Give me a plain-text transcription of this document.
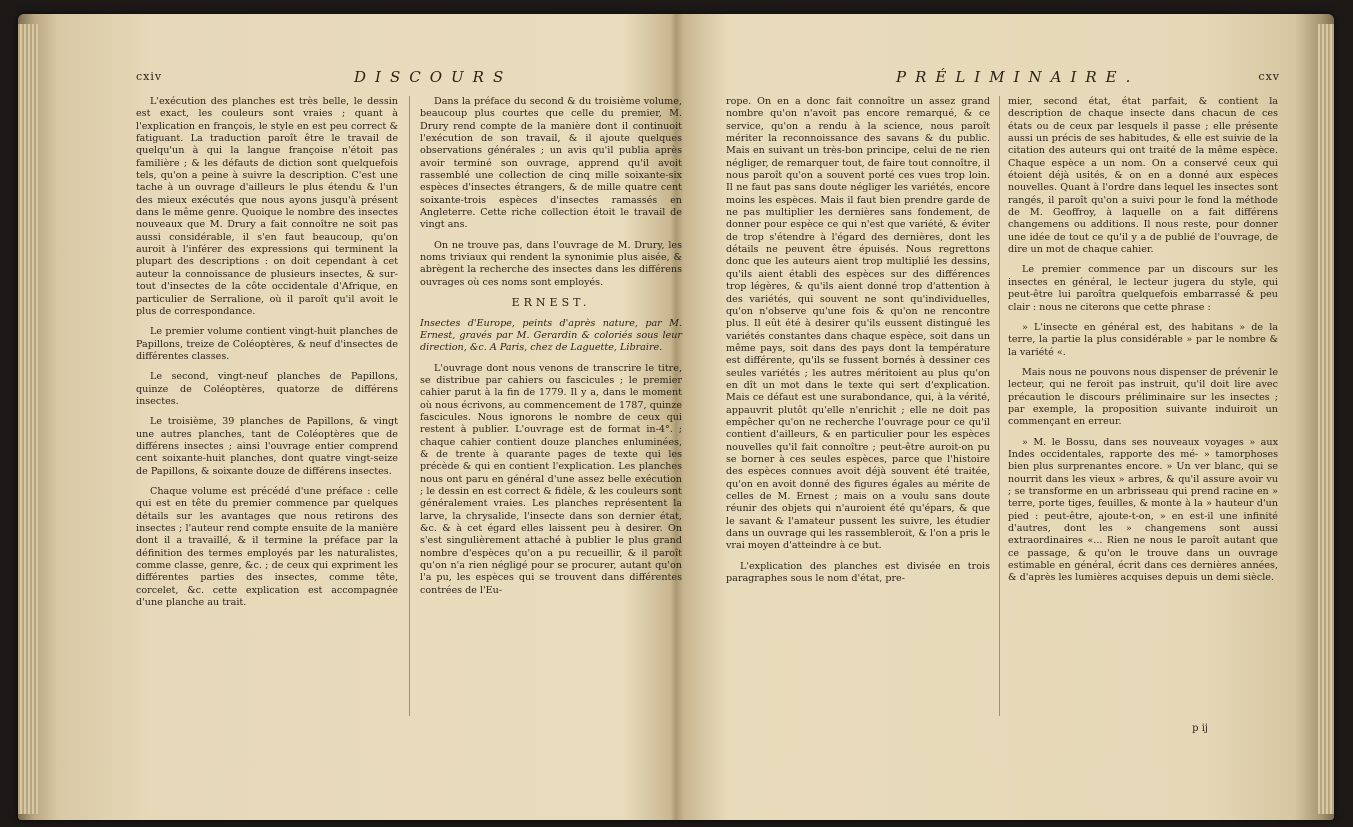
cxiv	DISCOURS

L'exécution des planches est très belle, le dessin est exact, les couleurs sont vraies ; quant à l'explication en françois, le style en est peu correct & fatiguant. La traduction paroît être le travail de quelqu'un à qui la langue françoise n'étoit pas familière ; & les défauts de diction sont quelquefois tels, qu'on a peine à suivre la description. C'est une tache à un ouvrage d'ailleurs le plus étendu & l'un des mieux exécutés que nous ayons jusqu'à présent dans le même genre. Quoique le nombre des insectes nouveaux que M. Drury a fait connoître ne soit pas aussi considérable, il s'en faut beaucoup, qu'on auroit à l'inférer des expressions qui terminent la plupart des descriptions : on doit cependant à cet auteur la connoissance de plusieurs insectes, & sur-tout d'insectes de la côte occidentale d'Afrique, en particulier de Serralione, où il paroît qu'il avoit le plus de correspondance.

Le premier volume contient vingt-huit planches de Papillons, treize de Coléoptères, & neuf d'insectes de différentes classes.

Le second, vingt-neuf planches de Papillons, quinze de Coléoptères, quatorze de différens insectes.

Le troisième, 39 planches de Papillons, & vingt une autres planches, tant de Coléoptères que de différens insectes ; ainsi l'ouvrage entier comprend cent soixante-huit planches, dont quatre vingt-seize de Papillons, & soixante douze de différens insectes.

Chaque volume est précédé d'une préface : celle qui est en tête du premier commence par quelques détails sur les avantages que nous retirons des insectes ; l'auteur rend compte ensuite de la manière dont il a travaillé, & il termine la préface par la définition des termes employés par les naturalistes, comme classe, genre, &c. ; de ceux qui expriment les différentes parties des insectes, comme tête, corcelet, &c. cette explication est accompagnée d'une planche au trait.

Dans la préface du second & du troisième volume, beaucoup plus courtes que celle du premier, M. Drury rend compte de la manière dont il continuoit l'exécution de son travail, & il ajoute quelques observations générales ; un avis qu'il publia après avoir terminé son ouvrage, apprend qu'il avoit rassemblé une collection de cinq mille soixante-six espèces d'insectes étrangers, & de mille quatre cent soixante-trois espèces d'insectes ramassés en Angleterre. Cette riche collection étoit le travail de vingt ans.

On ne trouve pas, dans l'ouvrage de M. Drury, les noms triviaux qui rendent la synonimie plus aisée, & abrègent la recherche des insectes dans les différens ouvrages où ces noms sont employés.

ERNEST.

Insectes d'Europe, peints d'après nature, par M. Ernest, gravés par M. Gerardin & coloriés sous leur direction, &c. A Paris, chez de Laguette, Libraire.

L'ouvrage dont nous venons de transcrire le titre, se distribue par cahiers ou fascicules ; le premier cahier parut à la fin de 1779. Il y a, dans le moment où nous écrivons, au commencement de 1787, quinze fascicules. Nous ignorons le nombre de ceux qui restent à publier. L'ouvrage est de format in-4°. ; chaque cahier contient douze planches enluminées, & de trente à quarante pages de texte qui les précède & qui en contient l'explication. Les planches nous ont paru en général d'une assez belle exécution ; le dessin en est correct & fidèle, & les couleurs sont généralement vraies. Les planches représentent la larve, la chrysalide, l'insecte dans son dernier état, &c. & à cet égard elles laissent peu à desirer. On s'est singulièrement attaché à publier le plus grand nombre d'espèces qu'on a pu recueillir, & il paroît qu'on n'a rien négligé pour se procurer, autant qu'on l'a pu, les espèces qui se trouvent dans différentes contrées de l'Eu-

PRÉLIMINAIRE.	cxv

rope. On en a donc fait connoître un assez grand nombre qu'on n'avoit pas encore remarqué, & ce service, qu'on a rendu à la science, nous paroît mériter la reconnoissance des savans & du public. Mais en suivant un très-bon principe, celui de ne rien négliger, de remarquer tout, de faire tout connoître, il nous paroît qu'on a souvent porté ces vues trop loin. Il ne faut pas sans doute négliger les variétés, encore moins les espèces. Mais il faut bien prendre garde de ne pas multiplier les dernières sans fondement, de donner pour espèce ce qui n'est que variété, & éviter de trop s'étendre à l'égard des dernières, dont les détails ne peuvent être épuisés. Nous regrettons donc que les auteurs aient trop multiplié les dessins, qu'ils aient établi des espèces sur des différences trop légères, & qu'ils aient donné trop d'attention à des variétés, qui souvent ne sont qu'individuelles, qu'on n'observe qu'une fois & qu'on ne rencontre plus. Il eût été à desirer qu'ils eussent distingué les variétés constantes dans chaque espèce, soit dans un même pays, soit dans des pays dont la température est différente, qu'ils se fussent bornés à dessiner ces seules variétés ; les autres méritoient au plus qu'on en dît un mot dans le texte qui sert d'explication. Mais ce défaut est une surabondance, qui, à la vérité, appauvrit plutôt qu'elle n'enrichit ; elle ne doit pas empêcher qu'on ne recherche l'ouvrage pour ce qu'il contient d'ailleurs, & en particulier pour les espèces nouvelles qu'il fait connoître ; peut-être auroit-on pu se borner à ces seules espèces, parce que l'histoire des espèces connues avoit déjà souvent été traitée, qu'on en avoit donné des figures égales au mérite de celles de M. Ernest ; mais on a voulu sans doute réunir des objets qui n'auroient été qu'épars, & que le savant & l'amateur pussent les suivre, les étudier dans un ouvrage qui les rassembleroit, & l'on a pris le vrai moyen d'atteindre à ce but.

L'explication des planches est divisée en trois paragraphes sous le nom d'état, pre-

mier, second état, état parfait, & contient la description de chaque insecte dans chacun de ces états ou de ceux par lesquels il passe ; elle présente aussi un précis de ses habitudes, & elle est suivie de la citation des auteurs qui ont traité de la même espèce. Chaque espèce a un nom. On a conservé ceux qui étoient déjà usités, & on en a donné aux espèces nouvelles. Quant à l'ordre dans lequel les insectes sont rangés, il paroît qu'on a suivi pour le fond la méthode de M. Geoffroy, à laquelle on a fait différens changemens ou additions. Il nous reste, pour donner une idée de tout ce qu'il y a de publié de l'ouvrage, de dire un mot de chaque cahier.

Le premier commence par un discours sur les insectes en général, le lecteur jugera du style, qui peut-être lui paroîtra quelquefois embarrassé & peu clair : nous ne citerons que cette phrase :

» L'insecte en général est, des habitans » de la terre, la partie la plus considérable » par le nombre & la variété «.

Mais nous ne pouvons nous dispenser de prévenir le lecteur, qui ne feroit pas instruit, qu'il doit lire avec précaution le discours préliminaire sur les insectes ; par exemple, la proposition suivante induiroit un commençant en erreur.

» M. le Bossu, dans ses nouveaux voyages » aux Indes occidentales, rapporte des mé- » tamorphoses bien plus surprenantes encore. » Un ver blanc, qui se nourrit dans les vieux » arbres, & qu'il assure avoir vu ; se transforme en un arbrisseau qui prend racine en » terre, porte tiges, feuilles, & monte à la » hauteur d'un pied : peut-être, ajoute-t-on, » en est-il une infinité d'autres, dont les » changemens sont aussi extraordinaires «... Rien ne nous le paroît autant que ce passage, & qu'on le trouve dans un ouvrage estimable en général, écrit dans ces dernières années, & d'après les lumières acquises depuis un demi siècle.

p ij
